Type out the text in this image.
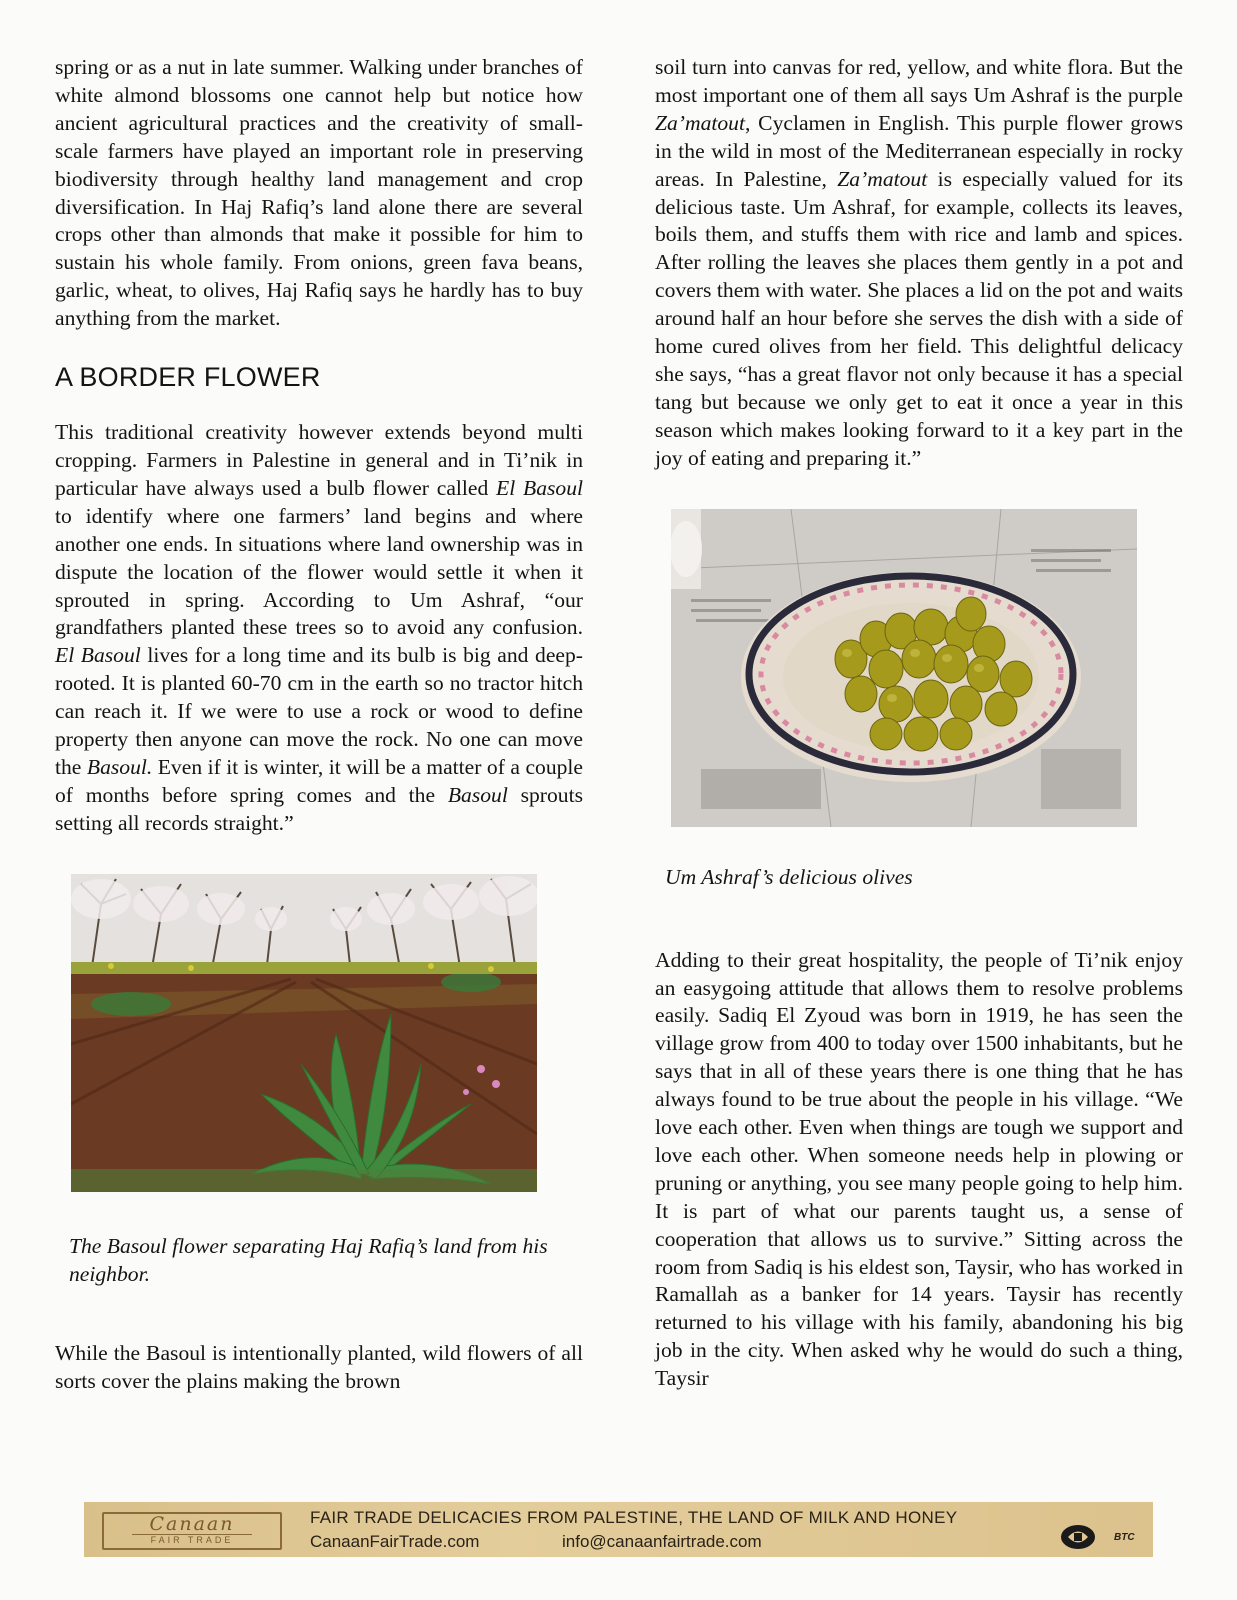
spring or as a nut in late summer. Walking under branches of white almond blossoms one cannot help but notice how ancient agricultural practices and the creativity of small-scale farmers have played an important role in preserving biodiversity through healthy land management and crop diversification. In Haj Rafiq’s land alone there are several crops other than almonds that make it possible for him to sustain his whole family. From onions, green fava beans, garlic, wheat, to olives, Haj Rafiq says he hardly has to buy anything from the market.

A BORDER FLOWER

This traditional creativity however extends beyond multi cropping. Farmers in Palestine in general and in Ti’nik in particular have always used a bulb flower called El Basoul to identify where one farmers’ land begins and where another one ends. In situations where land ownership was in dispute the location of the flower would settle it when it sprouted in spring. According to Um Ashraf, “our grandfathers planted these trees so to avoid any confusion. El Basoul lives for a long time and its bulb is big and deep-rooted. It is planted 60-70 cm in the earth so no tractor hitch can reach it. If we were to use a rock or wood to define property then anyone can move the rock. No one can move the Basoul. Even if it is winter, it will be a matter of a couple of months before spring comes and the Basoul sprouts setting all records straight.”

The Basoul flower separating Haj Rafiq’s land from his neighbor.

While the Basoul is intentionally planted, wild flowers of all sorts cover the plains making the brown

soil turn into canvas for red, yellow, and white flora. But the most important one of them all says Um Ashraf is the purple Za’matout, Cyclamen in English. This purple flower grows in the wild in most of the Mediterranean especially in rocky areas. In Palestine, Za’matout is especially valued for its delicious taste. Um Ashraf, for example, collects its leaves, boils them, and stuffs them with rice and lamb and spices. After rolling the leaves she places them gently in a pot and covers them with water. She places a lid on the pot and waits around half an hour before she serves the dish with a side of home cured olives from her field. This delightful delicacy she says, “has a great flavor not only because it has a special tang but because we only get to eat it once a year in this season which makes looking forward to it a key part in the joy of eating and preparing it.”

Um Ashraf’s delicious olives

Adding to their great hospitality, the people of Ti’nik enjoy an easygoing attitude that allows them to resolve problems easily. Sadiq El Zyoud was born in 1919, he has seen the village grow from 400 to today over 1500 inhabitants, but he says that in all of these years there is one thing that he has always found to be true about the people in his village. “We love each other. Even when things are tough we support and love each other. When someone needs help in plowing or pruning or anything, you see many people going to help him. It is part of what our parents taught us, a sense of cooperation that allows us to survive.” Sitting across the room from Sadiq is his eldest son, Taysir, who has worked in Ramallah as a banker for 14 years. Taysir has recently returned to his village with his family, abandoning his big job in the city. When asked why he would do such a thing, Taysir

Canaan
FAIR TRADE
FAIR TRADE DELICACIES FROM PALESTINE, THE LAND OF MILK AND HONEY
CanaanFairTrade.com	info@canaanfairtrade.com	BTC
